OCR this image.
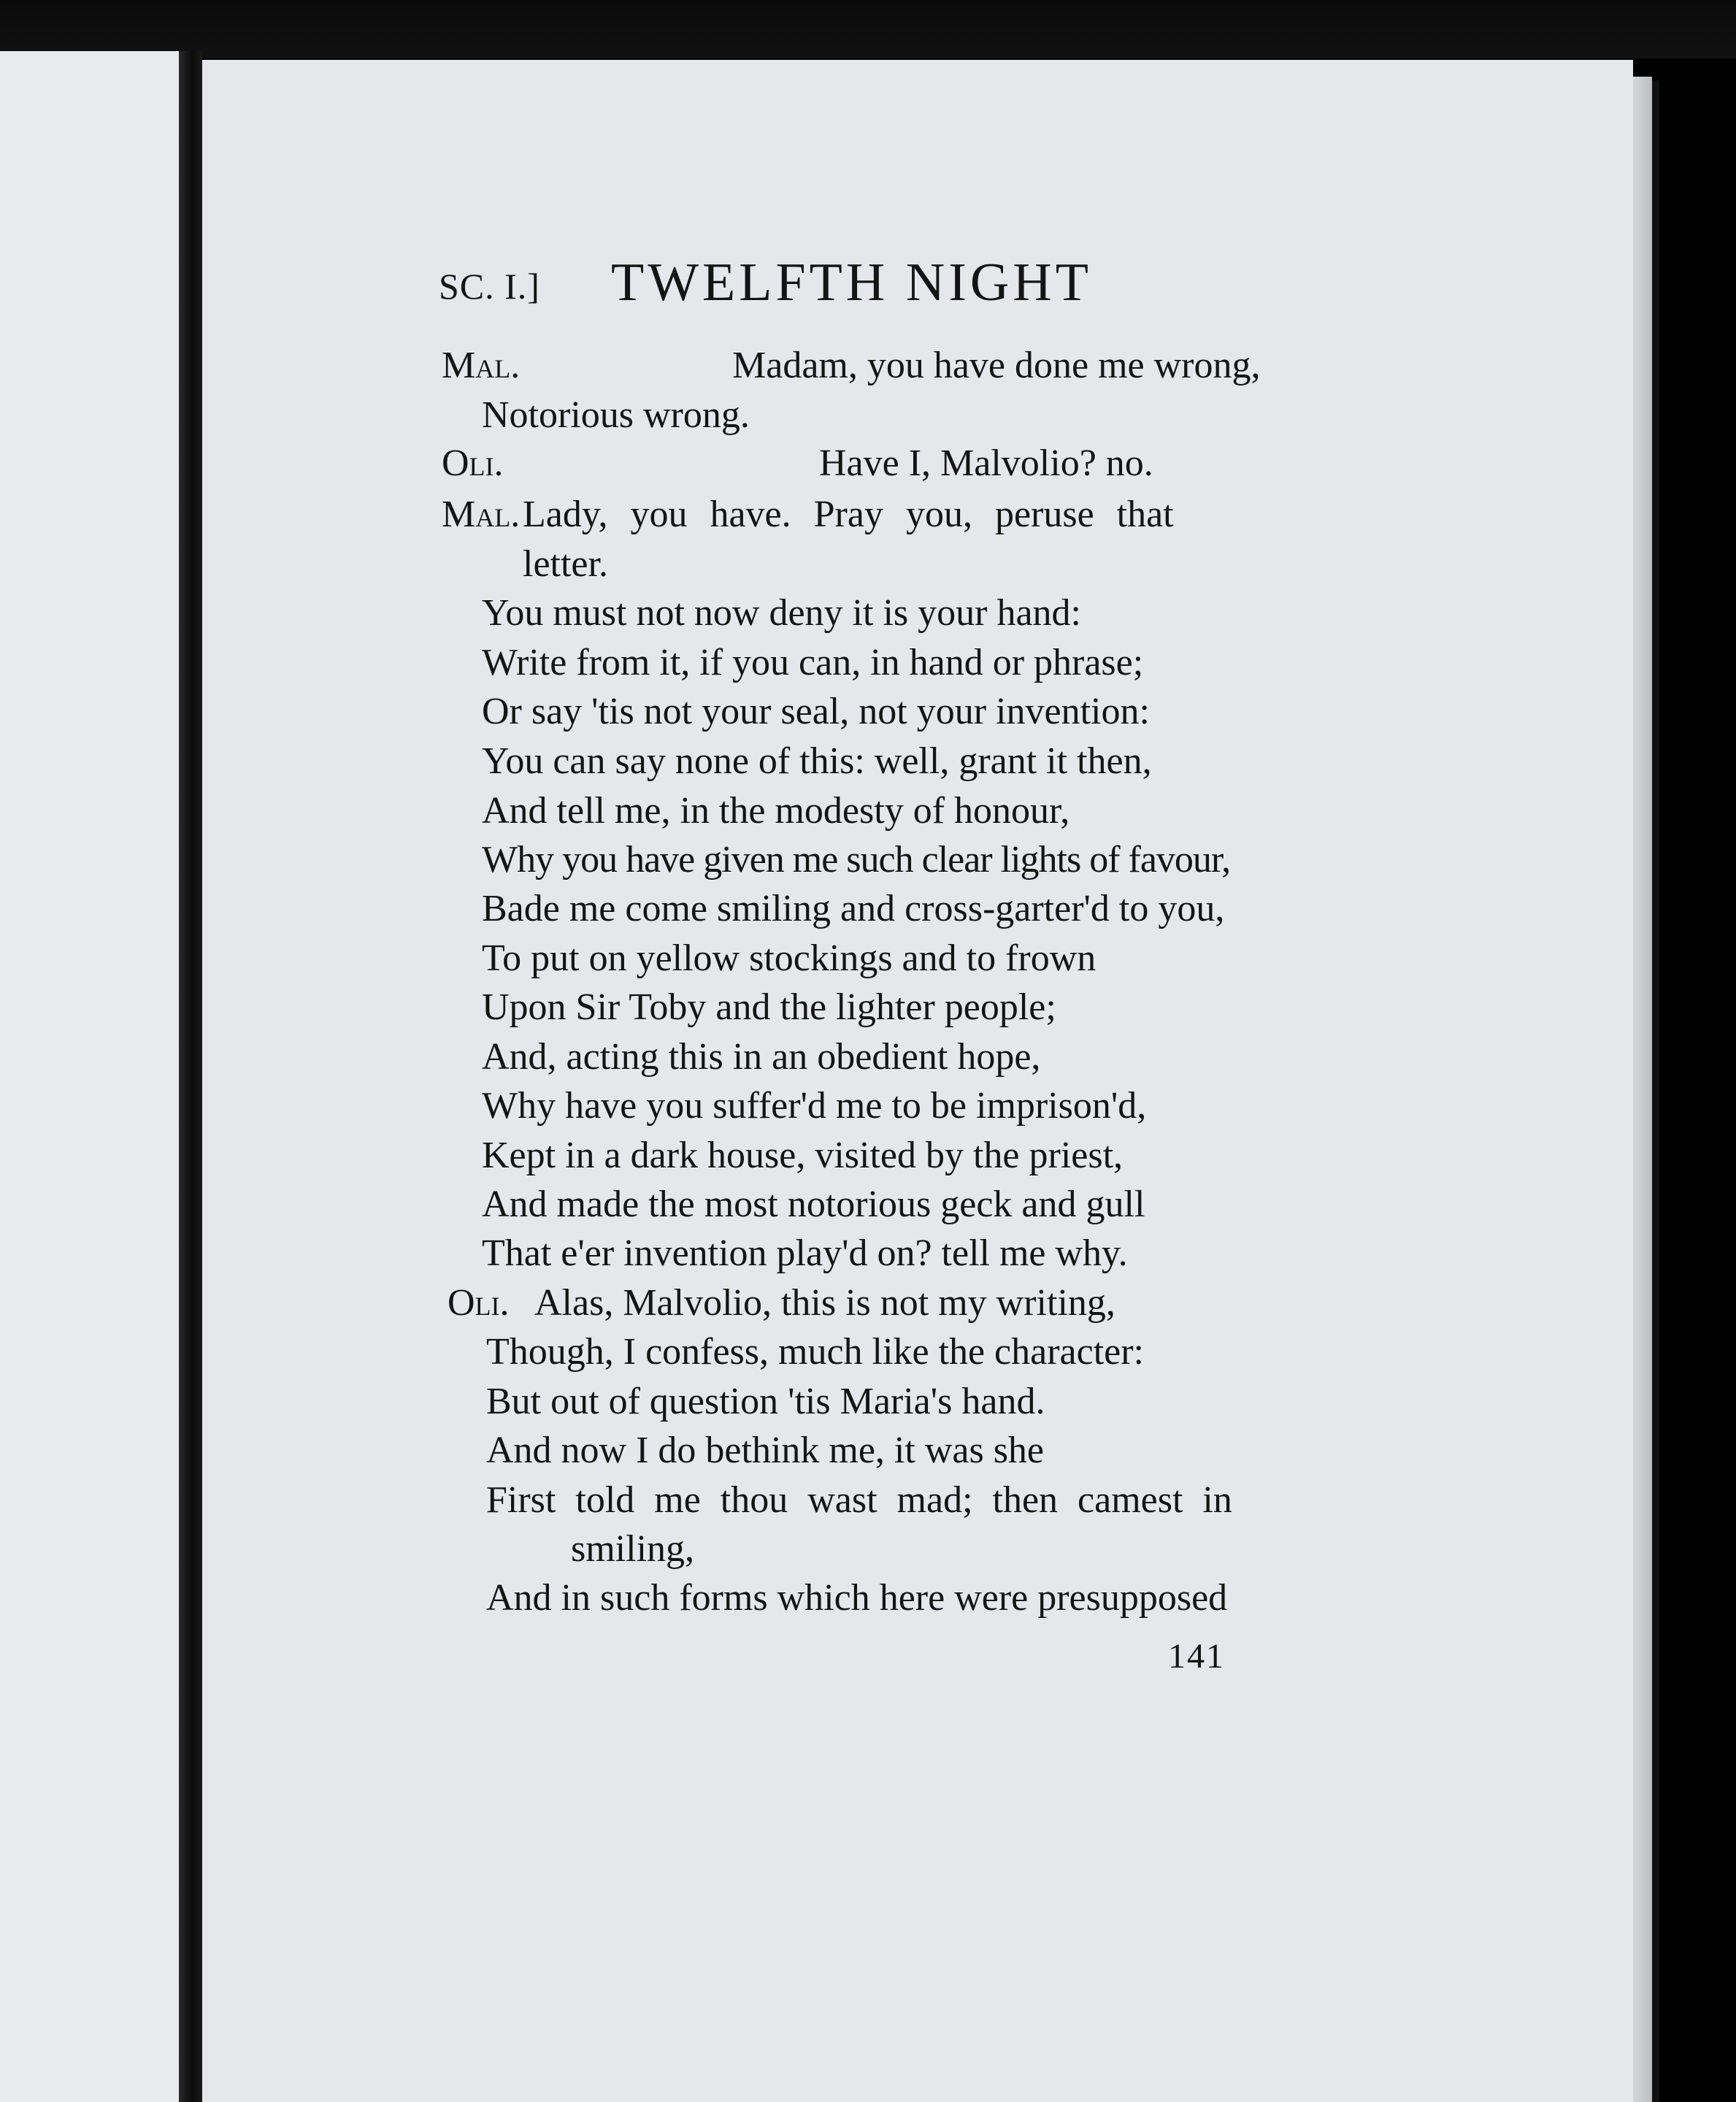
SC. I.] TWELFTH NIGHT
Mal.	Madam, you have done me wrong,
Notorious wrong.
Oli.	Have I, Malvolio? no.
Mal. Lady, you have. Pray you, peruse that
letter.
You must not now deny it is your hand:
Write from it, if you can, in hand or phrase;
Or say 'tis not your seal, not your invention:
You can say none of this: well, grant it then,
And tell me, in the modesty of honour,
Why you have given me such clear lights of favour,
Bade me come smiling and cross-garter'd to you,
To put on yellow stockings and to frown
Upon Sir Toby and the lighter people;
And, acting this in an obedient hope,
Why have you suffer'd me to be imprison'd,
Kept in a dark house, visited by the priest,
And made the most notorious geck and gull
That e'er invention play'd on? tell me why.
Oli. Alas, Malvolio, this is not my writing,
Though, I confess, much like the character:
But out of question 'tis Maria's hand.
And now I do bethink me, it was she
First told me thou wast mad; then camest in
smiling,
And in such forms which here were presupposed
141
